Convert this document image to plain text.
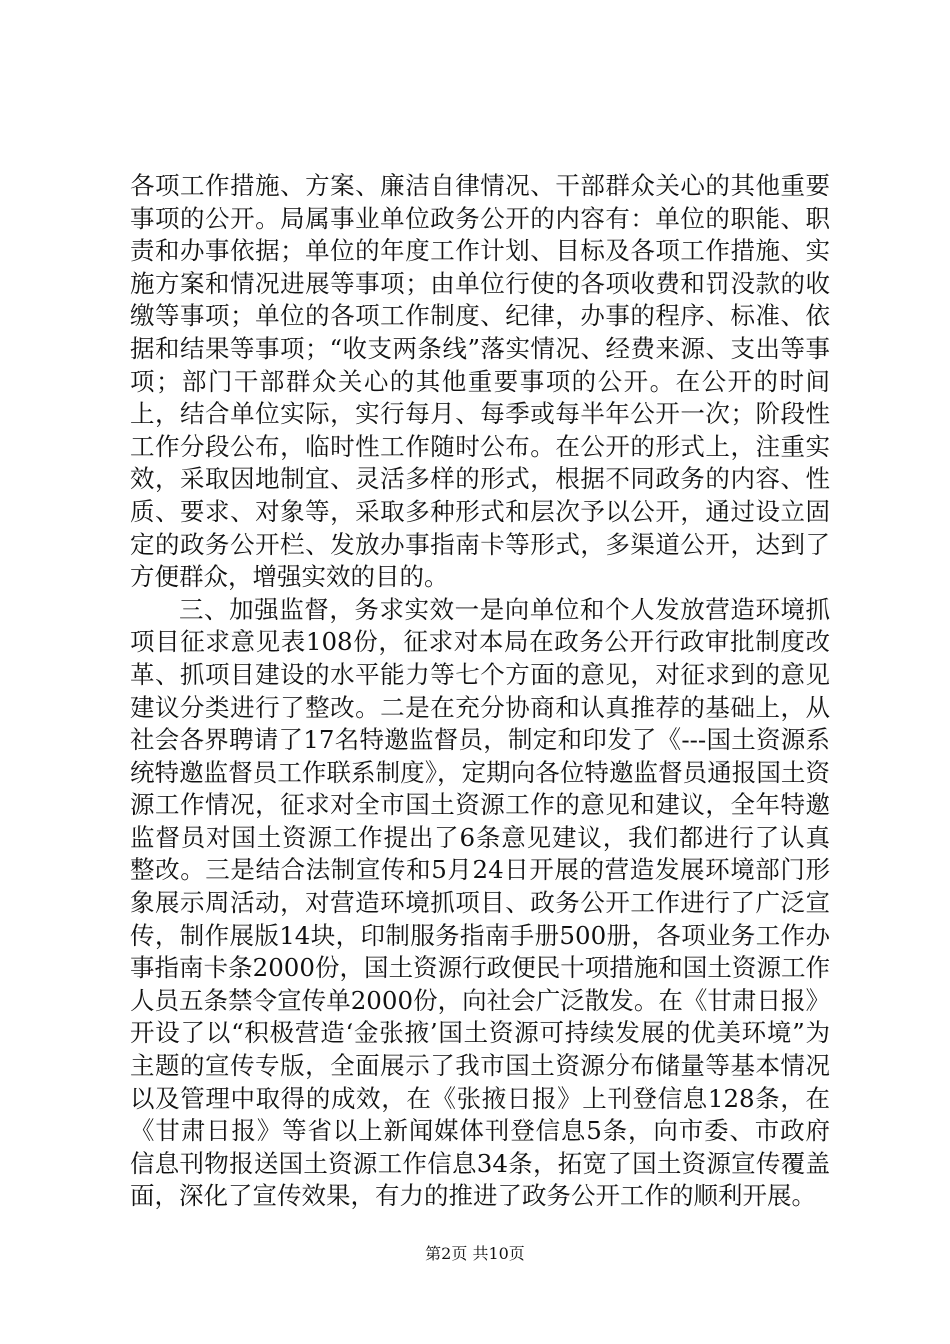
各项工作措施、方案、廉洁自律情况、干部群众关心的其他重要事项的公开。局属事业单位政务公开的内容有：单位的职能、职责和办事依据；单位的年度工作计划、目标及各项工作措施、实施方案和情况进展等事项；由单位行使的各项收费和罚没款的收缴等事项；单位的各项工作制度、纪律，办事的程序、标准、依据和结果等事项；“收支两条线”落实情况、经费来源、支出等事项；部门干部群众关心的其他重要事项的公开。在公开的时间上，结合单位实际，实行每月、每季或每半年公开一次；阶段性工作分段公布，临时性工作随时公布。在公开的形式上，注重实效，采取因地制宜、灵活多样的形式，根据不同政务的内容、性质、要求、对象等，采取多种形式和层次予以公开，通过设立固定的政务公开栏、发放办事指南卡等形式，多渠道公开，达到了方便群众，增强实效的目的。

三、加强监督，务求实效一是向单位和个人发放营造环境抓项目征求意见表108份，征求对本局在政务公开行政审批制度改革、抓项目建设的水平能力等七个方面的意见，对征求到的意见建议分类进行了整改。二是在充分协商和认真推荐的基础上，从社会各界聘请了17名特邀监督员，制定和印发了《---国土资源系统特邀监督员工作联系制度》，定期向各位特邀监督员通报国土资源工作情况，征求对全市国土资源工作的意见和建议，全年特邀监督员对国土资源工作提出了6条意见建议，我们都进行了认真整改。三是结合法制宣传和5月24日开展的营造发展环境部门形象展示周活动，对营造环境抓项目、政务公开工作进行了广泛宣传，制作展版14块，印制服务指南手册500册，各项业务工作办事指南卡条2000份，国土资源行政便民十项措施和国土资源工作人员五条禁令宣传单2000份，向社会广泛散发。在《甘肃日报》开设了以“积极营造‘金张掖’国土资源可持续发展的优美环境”为主题的宣传专版，全面展示了我市国土资源分布储量等基本情况以及管理中取得的成效，在《张掖日报》上刊登信息128条，在《甘肃日报》等省以上新闻媒体刊登信息5条，向市委、市政府信息刊物报送国土资源工作信息34条，拓宽了国土资源宣传覆盖面，深化了宣传效果，有力的推进了政务公开工作的顺利开展。

第2页 共10页
